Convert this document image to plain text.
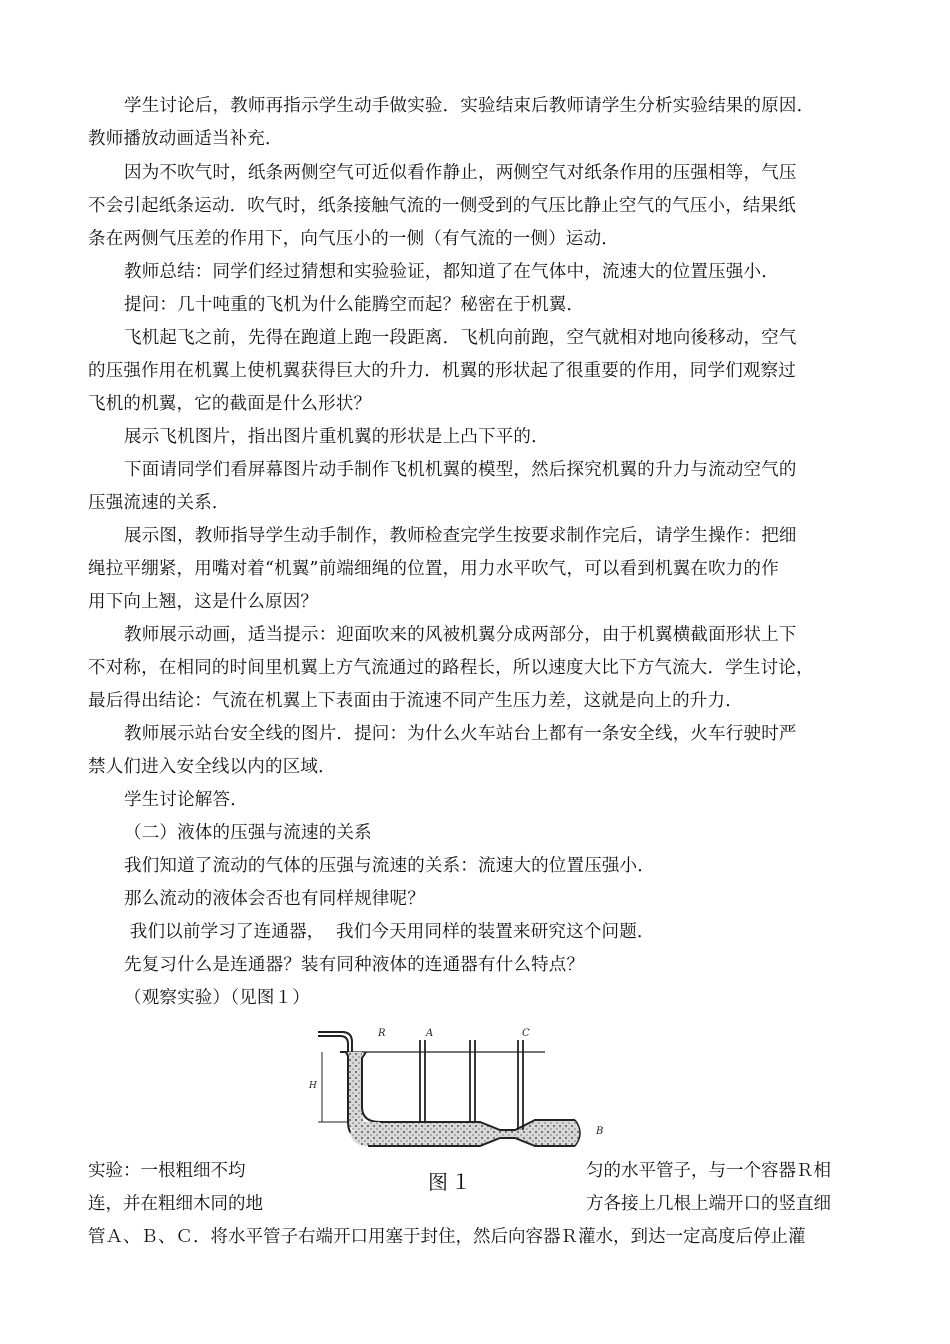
学生讨论后，教师再指示学生动手做实验．实验结束后教师请学生分析实验结果的原因．

教师播放动画适当补充．

因为不吹气时，纸条两侧空气可近似看作静止，两侧空气对纸条作用的压强相等，气压

不会引起纸条运动．吹气时，纸条接触气流的一侧受到的气压比静止空气的气压小，结果纸

条在两侧气压差的作用下，向气压小的一侧（有气流的一侧）运动．

教师总结：同学们经过猜想和实验验证，都知道了在气体中，流速大的位置压强小．

提问：几十吨重的飞机为什么能腾空而起？秘密在于机翼．

飞机起飞之前，先得在跑道上跑一段距离．飞机向前跑，空气就相对地向後移动，空气

的压强作用在机翼上使机翼获得巨大的升力．机翼的形状起了很重要的作用，同学们观察过

飞机的机翼，它的截面是什么形状？

展示飞机图片，指出图片重机翼的形状是上凸下平的．

下面请同学们看屏幕图片动手制作飞机机翼的模型，然后探究机翼的升力与流动空气的

压强流速的关系．

展示图，教师指导学生动手制作，教师检查完学生按要求制作完后，请学生操作：把细

绳拉平绷紧，用嘴对着“机翼”前端细绳的位置，用力水平吹气，可以看到机翼在吹力的作

用下向上翘，这是什么原因？

教师展示动画，适当提示：迎面吹来的风被机翼分成两部分，由于机翼横截面形状上下

不对称，在相同的时间里机翼上方气流通过的路程长，所以速度大比下方气流大．学生讨论，

最后得出结论：气流在机翼上下表面由于流速不同产生压力差，这就是向上的升力．

教师展示站台安全线的图片．提问：为什么火车站台上都有一条安全线，火车行驶时严

禁人们进入安全线以内的区域．

学生讨论解答．

（二）液体的压强与流速的关系

我们知道了流动的气体的压强与流速的关系：流速大的位置压强小．

那么流动的液体会否也有同样规律呢？

我们以前学习了连通器，  我们今天用同样的装置来研究这个问题．

先复习什么是连通器？装有同种液体的连通器有什么特点？

（观察实验）（见图１）

R	A	C
B
H
图１
实验：一根粗细不均	匀的水平管子，与一个容器Ｒ相
连，并在粗细木同的地	方各接上几根上端开口的竖直细
管Ａ、Ｂ、Ｃ．将水平管子右端开口用塞于封住，然后向容器Ｒ灌水，到达一定高度后停止灌
